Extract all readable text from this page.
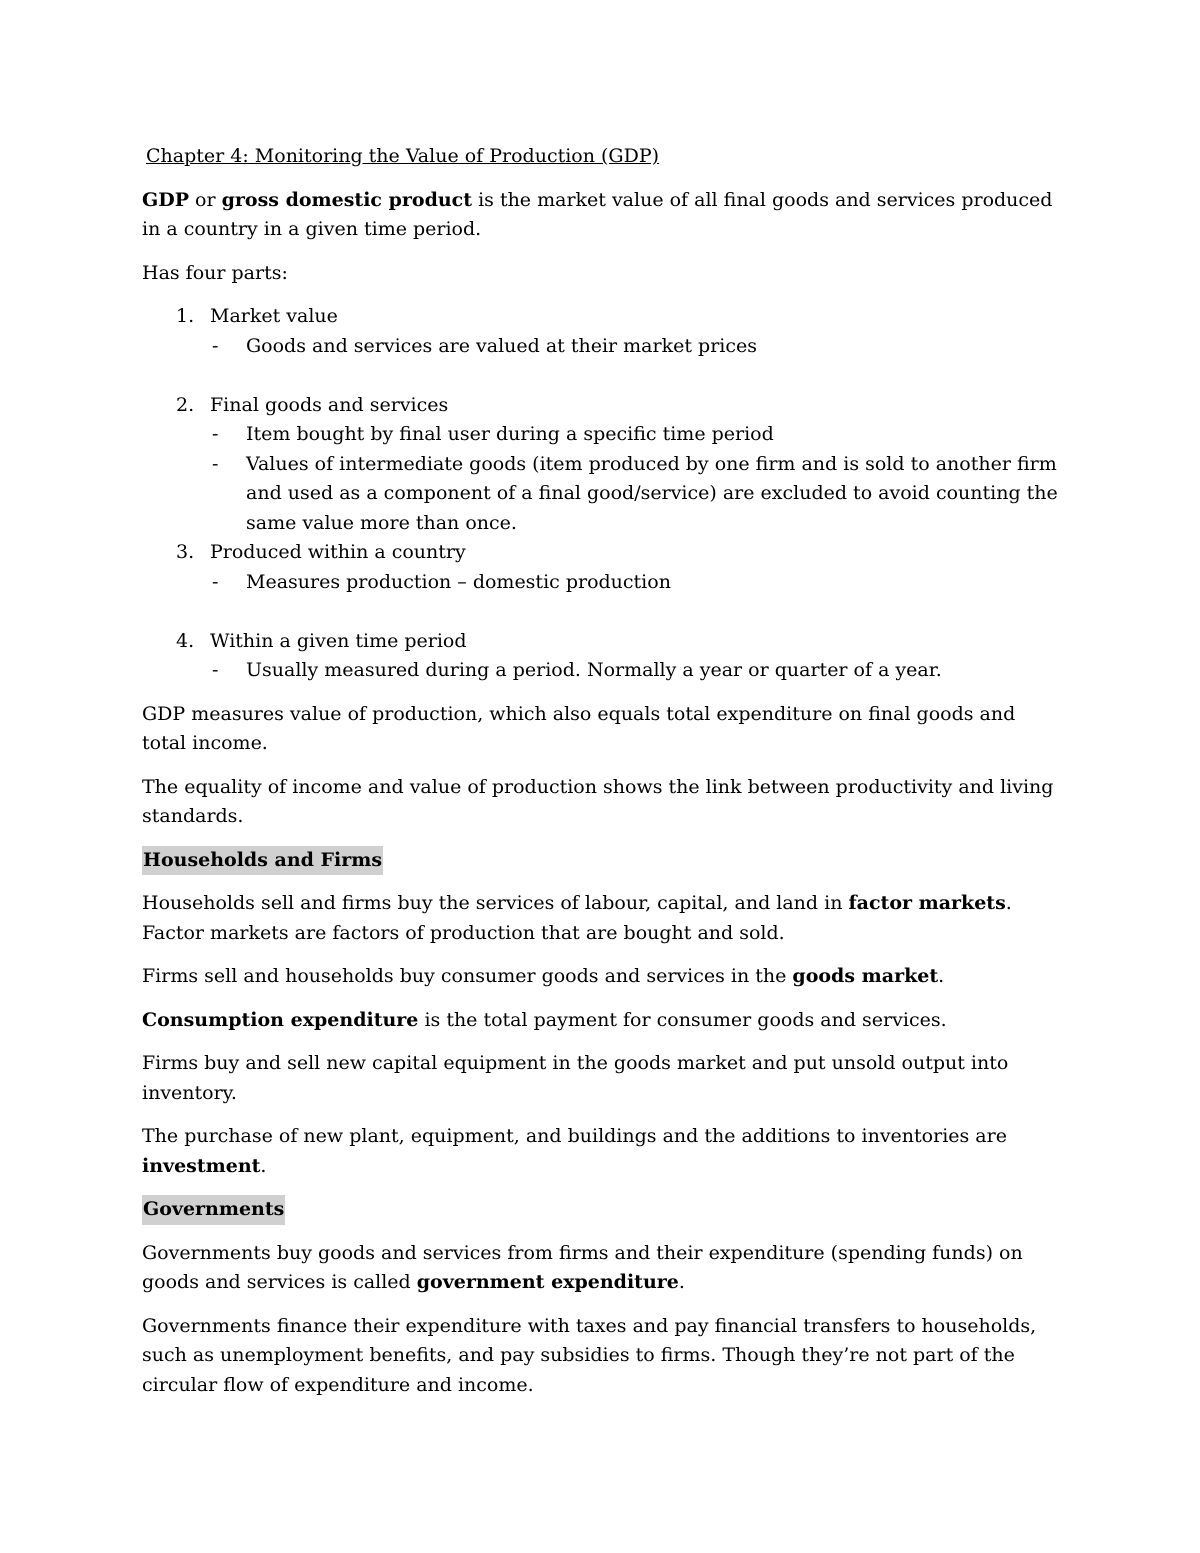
Chapter 4: Monitoring the Value of Production (GDP)

GDP or gross domestic product is the market value of all final goods and services produced in a country in a given time period.

Has four parts:

1. Market value
- Goods and services are valued at their market prices
2. Final goods and services
- Item bought by final user during a specific time period
- Values of intermediate goods (item produced by one firm and is sold to another firm and used as a component of a final good/service) are excluded to avoid counting the same value more than once.
3. Produced within a country
- Measures production – domestic production
4. Within a given time period
- Usually measured during a period. Normally a year or quarter of a year.

GDP measures value of production, which also equals total expenditure on final goods and total income.

The equality of income and value of production shows the link between productivity and living standards.

Households and Firms

Households sell and firms buy the services of labour, capital, and land in factor markets. Factor markets are factors of production that are bought and sold.

Firms sell and households buy consumer goods and services in the goods market.

Consumption expenditure is the total payment for consumer goods and services.

Firms buy and sell new capital equipment in the goods market and put unsold output into inventory.

The purchase of new plant, equipment, and buildings and the additions to inventories are investment.

Governments

Governments buy goods and services from firms and their expenditure (spending funds) on goods and services is called government expenditure.

Governments finance their expenditure with taxes and pay financial transfers to households, such as unemployment benefits, and pay subsidies to firms. Though they’re not part of the circular flow of expenditure and income.
